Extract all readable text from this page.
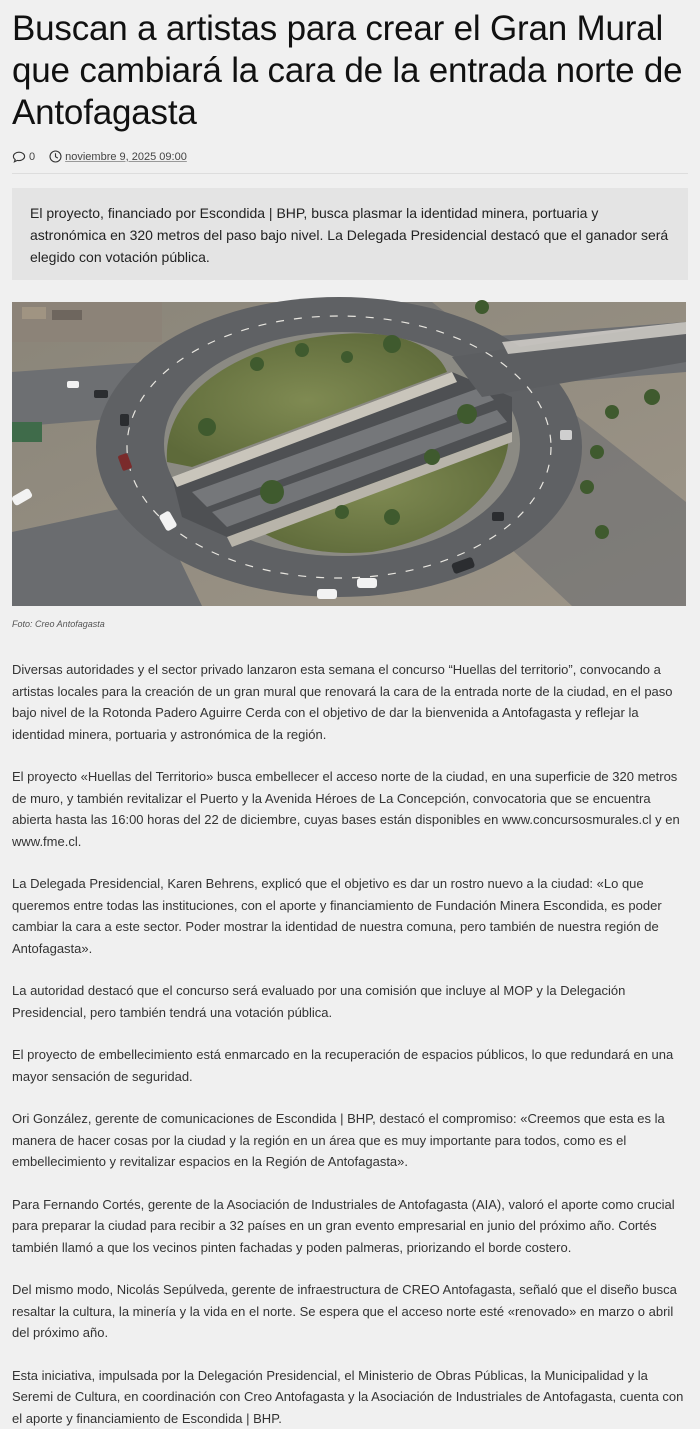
Buscan a artistas para crear el Gran Mural que cambiará la cara de la entrada norte de Antofagasta
0	noviembre 9, 2025 09:00
El proyecto, financiado por Escondida | BHP, busca plasmar la identidad minera, portuaria y astronómica en 320 metros del paso bajo nivel. La Delegada Presidencial destacó que el ganador será elegido con votación pública.
Foto: Creo Antofagasta

Diversas autoridades y el sector privado lanzaron esta semana el concurso “Huellas del territorio”, convocando a artistas locales para la creación de un gran mural que renovará la cara de la entrada norte de la ciudad, en el paso bajo nivel de la Rotonda Padero Aguirre Cerda con el objetivo de dar la bienvenida a Antofagasta y reflejar la identidad minera, portuaria y astronómica de la región.

El proyecto «Huellas del Territorio» busca embellecer el acceso norte de la ciudad, en una superficie de 320 metros de muro, y también revitalizar el Puerto y la Avenida Héroes de La Concepción, convocatoria que se encuentra abierta hasta las 16:00 horas del 22 de diciembre, cuyas bases están disponibles en www.concursosmurales.cl y en www.fme.cl.

La Delegada Presidencial, Karen Behrens, explicó que el objetivo es dar un rostro nuevo a la ciudad: «Lo que queremos entre todas las instituciones, con el aporte y financiamiento de Fundación Minera Escondida, es poder cambiar la cara a este sector. Poder mostrar la identidad de nuestra comuna, pero también de nuestra región de Antofagasta».

La autoridad destacó que el concurso será evaluado por una comisión que incluye al MOP y la Delegación Presidencial, pero también tendrá una votación pública.

El proyecto de embellecimiento está enmarcado en la recuperación de espacios públicos, lo que redundará en una mayor sensación de seguridad.

Ori González, gerente de comunicaciones de Escondida | BHP, destacó el compromiso: «Creemos que esta es la manera de hacer cosas por la ciudad y la región en un área que es muy importante para todos, como es el embellecimiento y revitalizar espacios en la Región de Antofagasta».

Para Fernando Cortés, gerente de la Asociación de Industriales de Antofagasta (AIA), valoró el aporte como crucial para preparar la ciudad para recibir a 32 países en un gran evento empresarial en junio del próximo año. Cortés también llamó a que los vecinos pinten fachadas y poden palmeras, priorizando el borde costero.

Del mismo modo, Nicolás Sepúlveda, gerente de infraestructura de CREO Antofagasta, señaló que el diseño busca resaltar la cultura, la minería y la vida en el norte. Se espera que el acceso norte esté «renovado» en marzo o abril del próximo año.

Esta iniciativa, impulsada por la Delegación Presidencial, el Ministerio de Obras Públicas, la Municipalidad y la Seremi de Cultura, en coordinación con Creo Antofagasta y la Asociación de Industriales de Antofagasta, cuenta con el aporte y financiamiento de Escondida | BHP.
